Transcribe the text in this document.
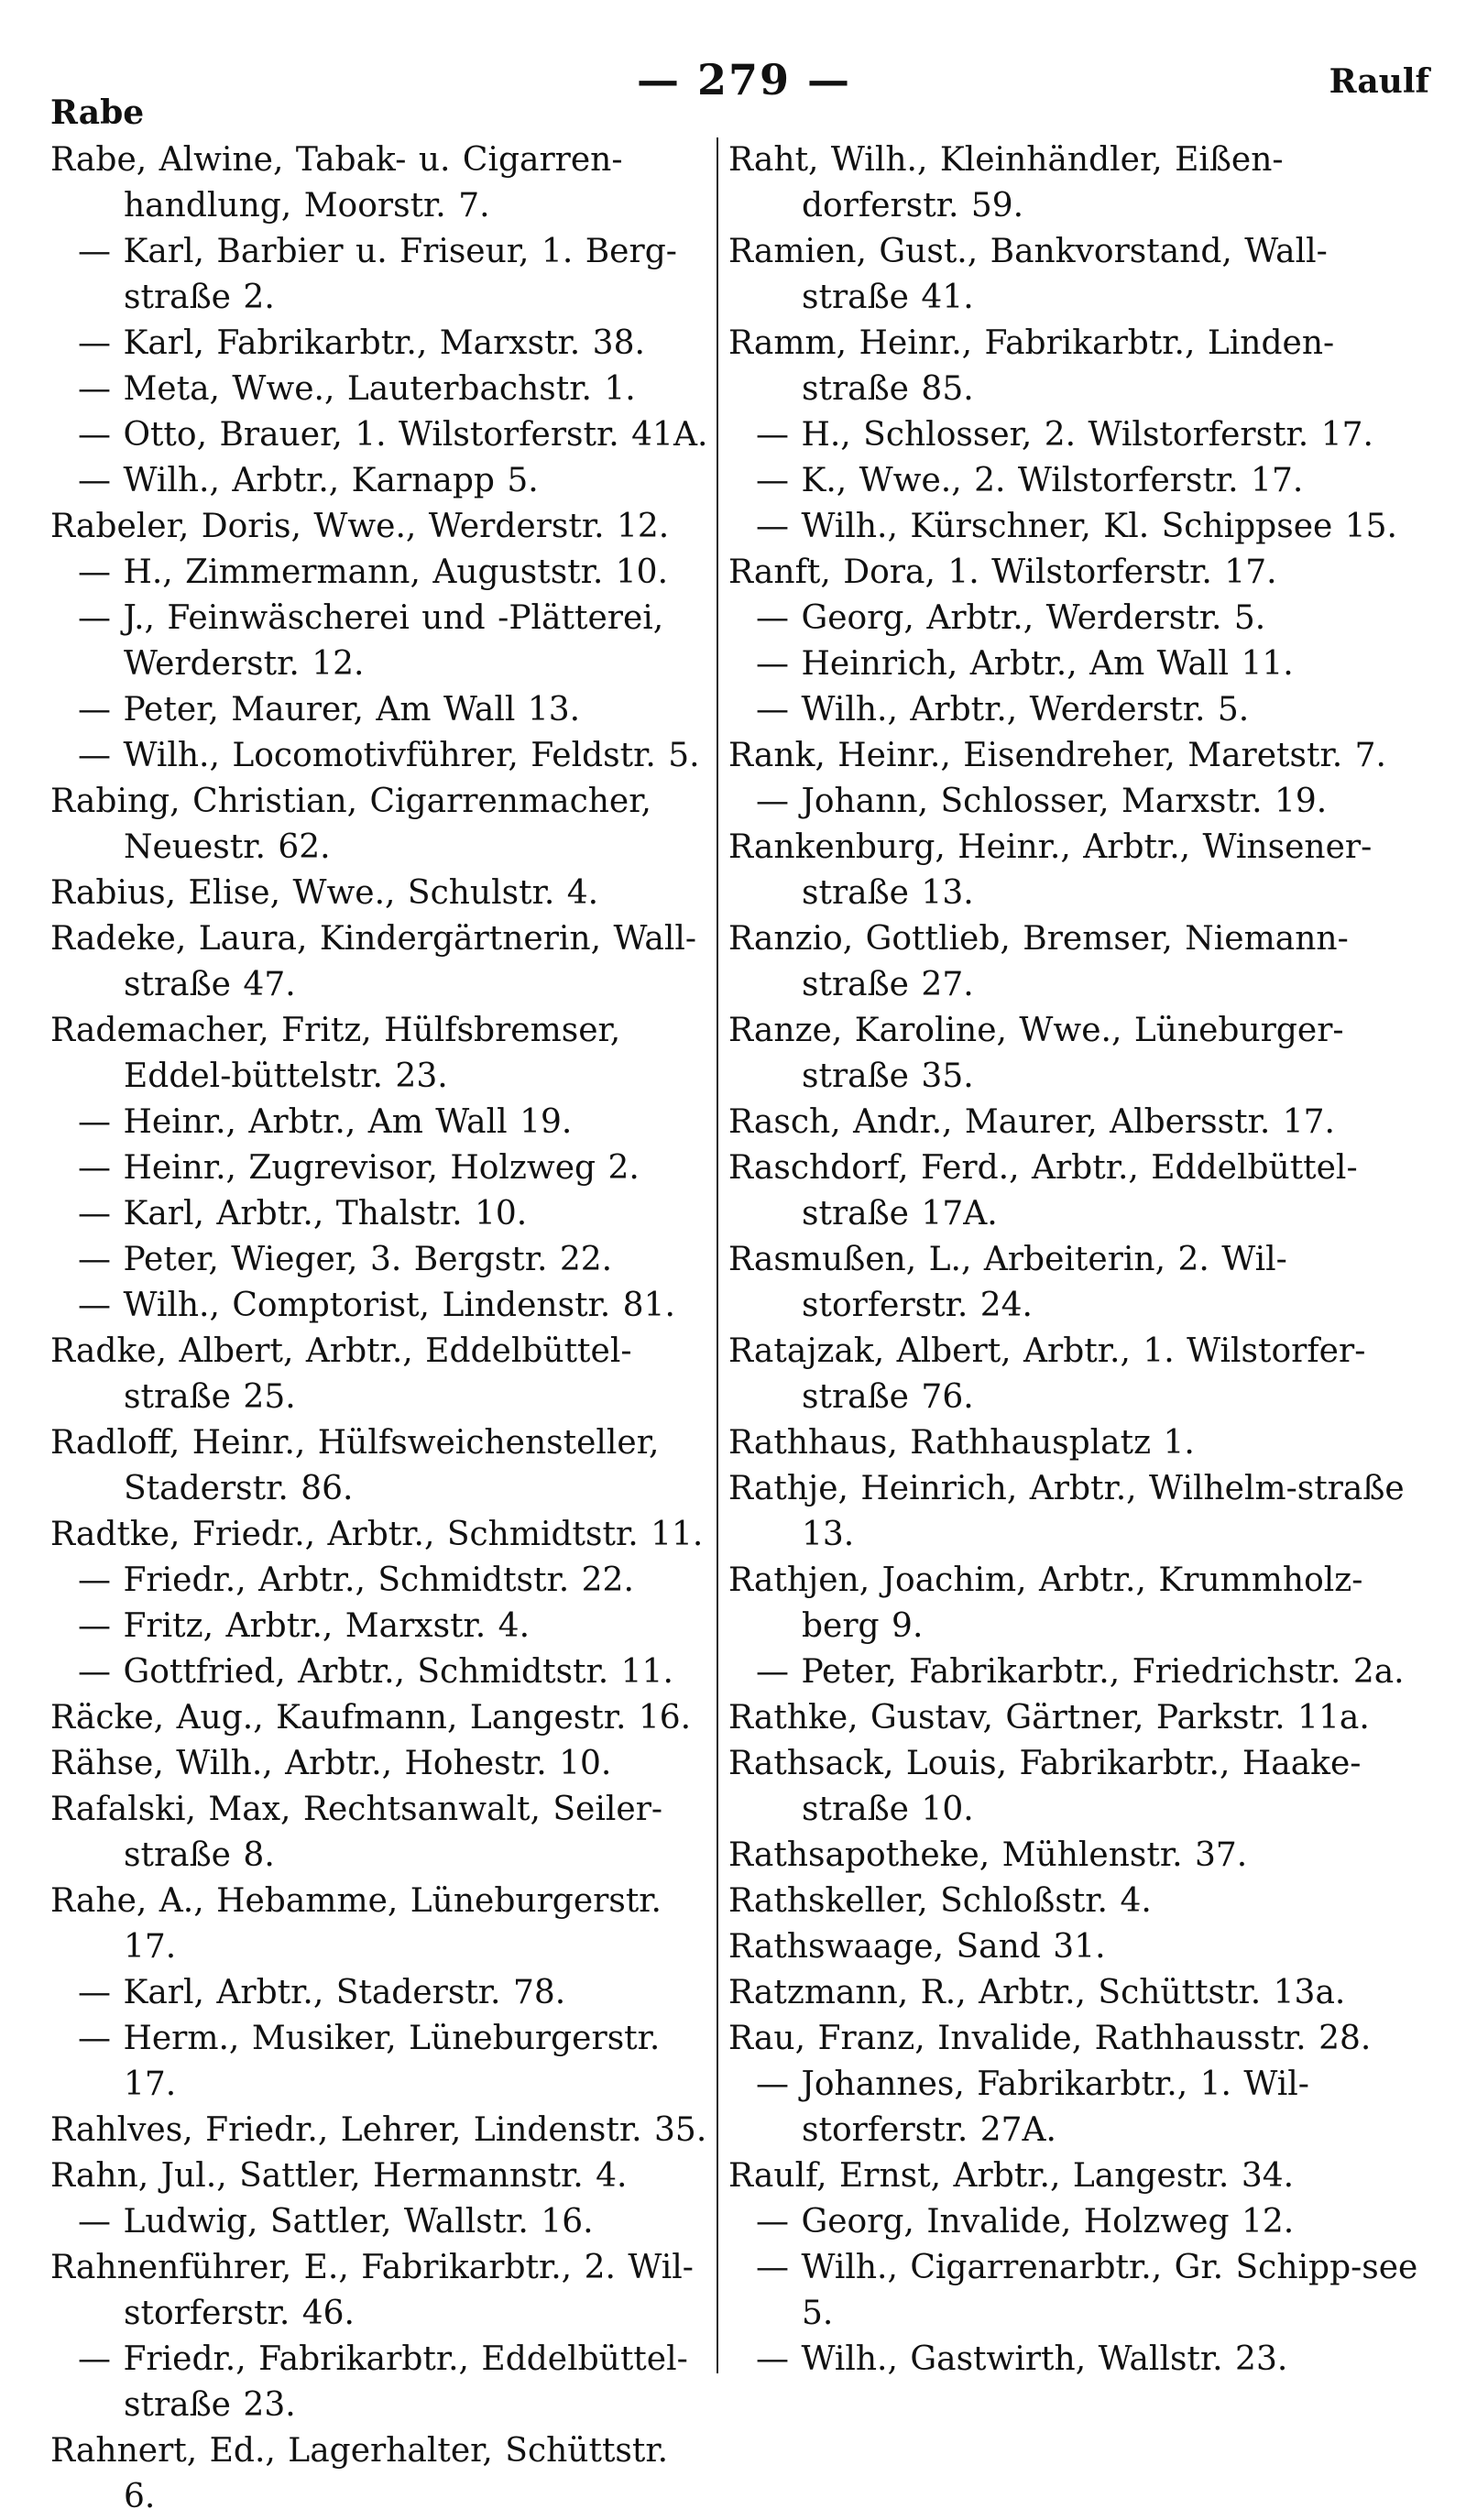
Rabe
— 279 —	Raulf

Rabe, Alwine, Tabak- u. Cigarren-handlung, Moorstr. 7.

— Karl, Barbier u. Friseur, 1. Berg-straße 2.

— Karl, Fabrikarbtr., Marxstr. 38.

— Meta, Wwe., Lauterbachstr. 1.

— Otto, Brauer, 1. Wilstorferstr. 41A.

— Wilh., Arbtr., Karnapp 5.

Rabeler, Doris, Wwe., Werderstr. 12.

— H., Zimmermann, Auguststr. 10.

— J., Feinwäscherei und -Plätterei, Werderstr. 12.

— Peter, Maurer, Am Wall 13.

— Wilh., Locomotivführer, Feldstr. 5.

Rabing, Christian, Cigarrenmacher, Neuestr. 62.

Rabius, Elise, Wwe., Schulstr. 4.

Radeke, Laura, Kindergärtnerin, Wall-straße 47.

Rademacher, Fritz, Hülfsbremser, Eddel-büttelstr. 23.

— Heinr., Arbtr., Am Wall 19.

— Heinr., Zugrevisor, Holzweg 2.

— Karl, Arbtr., Thalstr. 10.

— Peter, Wieger, 3. Bergstr. 22.

— Wilh., Comptorist, Lindenstr. 81.

Radke, Albert, Arbtr., Eddelbüttel-straße 25.

Radloff, Heinr., Hülfsweichensteller, Staderstr. 86.

Radtke, Friedr., Arbtr., Schmidtstr. 11.

— Friedr., Arbtr., Schmidtstr. 22.

— Fritz, Arbtr., Marxstr. 4.

— Gottfried, Arbtr., Schmidtstr. 11.

Räcke, Aug., Kaufmann, Langestr. 16.

Rähse, Wilh., Arbtr., Hohestr. 10.

Rafalski, Max, Rechtsanwalt, Seiler-straße 8.

Rahe, A., Hebamme, Lüneburgerstr. 17.

— Karl, Arbtr., Staderstr. 78.

— Herm., Musiker, Lüneburgerstr. 17.

Rahlves, Friedr., Lehrer, Lindenstr. 35.

Rahn, Jul., Sattler, Hermannstr. 4.

— Ludwig, Sattler, Wallstr. 16.

Rahnenführer, E., Fabrikarbtr., 2. Wil-storferstr. 46.

— Friedr., Fabrikarbtr., Eddelbüttel-straße 23.

Rahnert, Ed., Lagerhalter, Schüttstr. 6.

Raht, Wilh., Kleinhändler, Eißen-dorferstr. 59.

Ramien, Gust., Bankvorstand, Wall-straße 41.

Ramm, Heinr., Fabrikarbtr., Linden-straße 85.

— H., Schlosser, 2. Wilstorferstr. 17.

— K., Wwe., 2. Wilstorferstr. 17.

— Wilh., Kürschner, Kl. Schippsee 15.

Ranft, Dora, 1. Wilstorferstr. 17.

— Georg, Arbtr., Werderstr. 5.

— Heinrich, Arbtr., Am Wall 11.

— Wilh., Arbtr., Werderstr. 5.

Rank, Heinr., Eisendreher, Maretstr. 7.

— Johann, Schlosser, Marxstr. 19.

Rankenburg, Heinr., Arbtr., Winsener-straße 13.

Ranzio, Gottlieb, Bremser, Niemann-straße 27.

Ranze, Karoline, Wwe., Lüneburger-straße 35.

Rasch, Andr., Maurer, Albersstr. 17.

Raschdorf, Ferd., Arbtr., Eddelbüttel-straße 17A.

Rasmußen, L., Arbeiterin, 2. Wil-storferstr. 24.

Ratajzak, Albert, Arbtr., 1. Wilstorfer-straße 76.

Rathhaus, Rathhausplatz 1.

Rathje, Heinrich, Arbtr., Wilhelm-straße 13.

Rathjen, Joachim, Arbtr., Krummholz-berg 9.

— Peter, Fabrikarbtr., Friedrichstr. 2a.

Rathke, Gustav, Gärtner, Parkstr. 11a.

Rathsack, Louis, Fabrikarbtr., Haake-straße 10.

Rathsapotheke, Mühlenstr. 37.

Rathskeller, Schloßstr. 4.

Rathswaage, Sand 31.

Ratzmann, R., Arbtr., Schüttstr. 13a.

Rau, Franz, Invalide, Rathhausstr. 28.

— Johannes, Fabrikarbtr., 1. Wil-storferstr. 27A.

Raulf, Ernst, Arbtr., Langestr. 34.

— Georg, Invalide, Holzweg 12.

— Wilh., Cigarrenarbtr., Gr. Schipp-see 5.

— Wilh., Gastwirth, Wallstr. 23.
